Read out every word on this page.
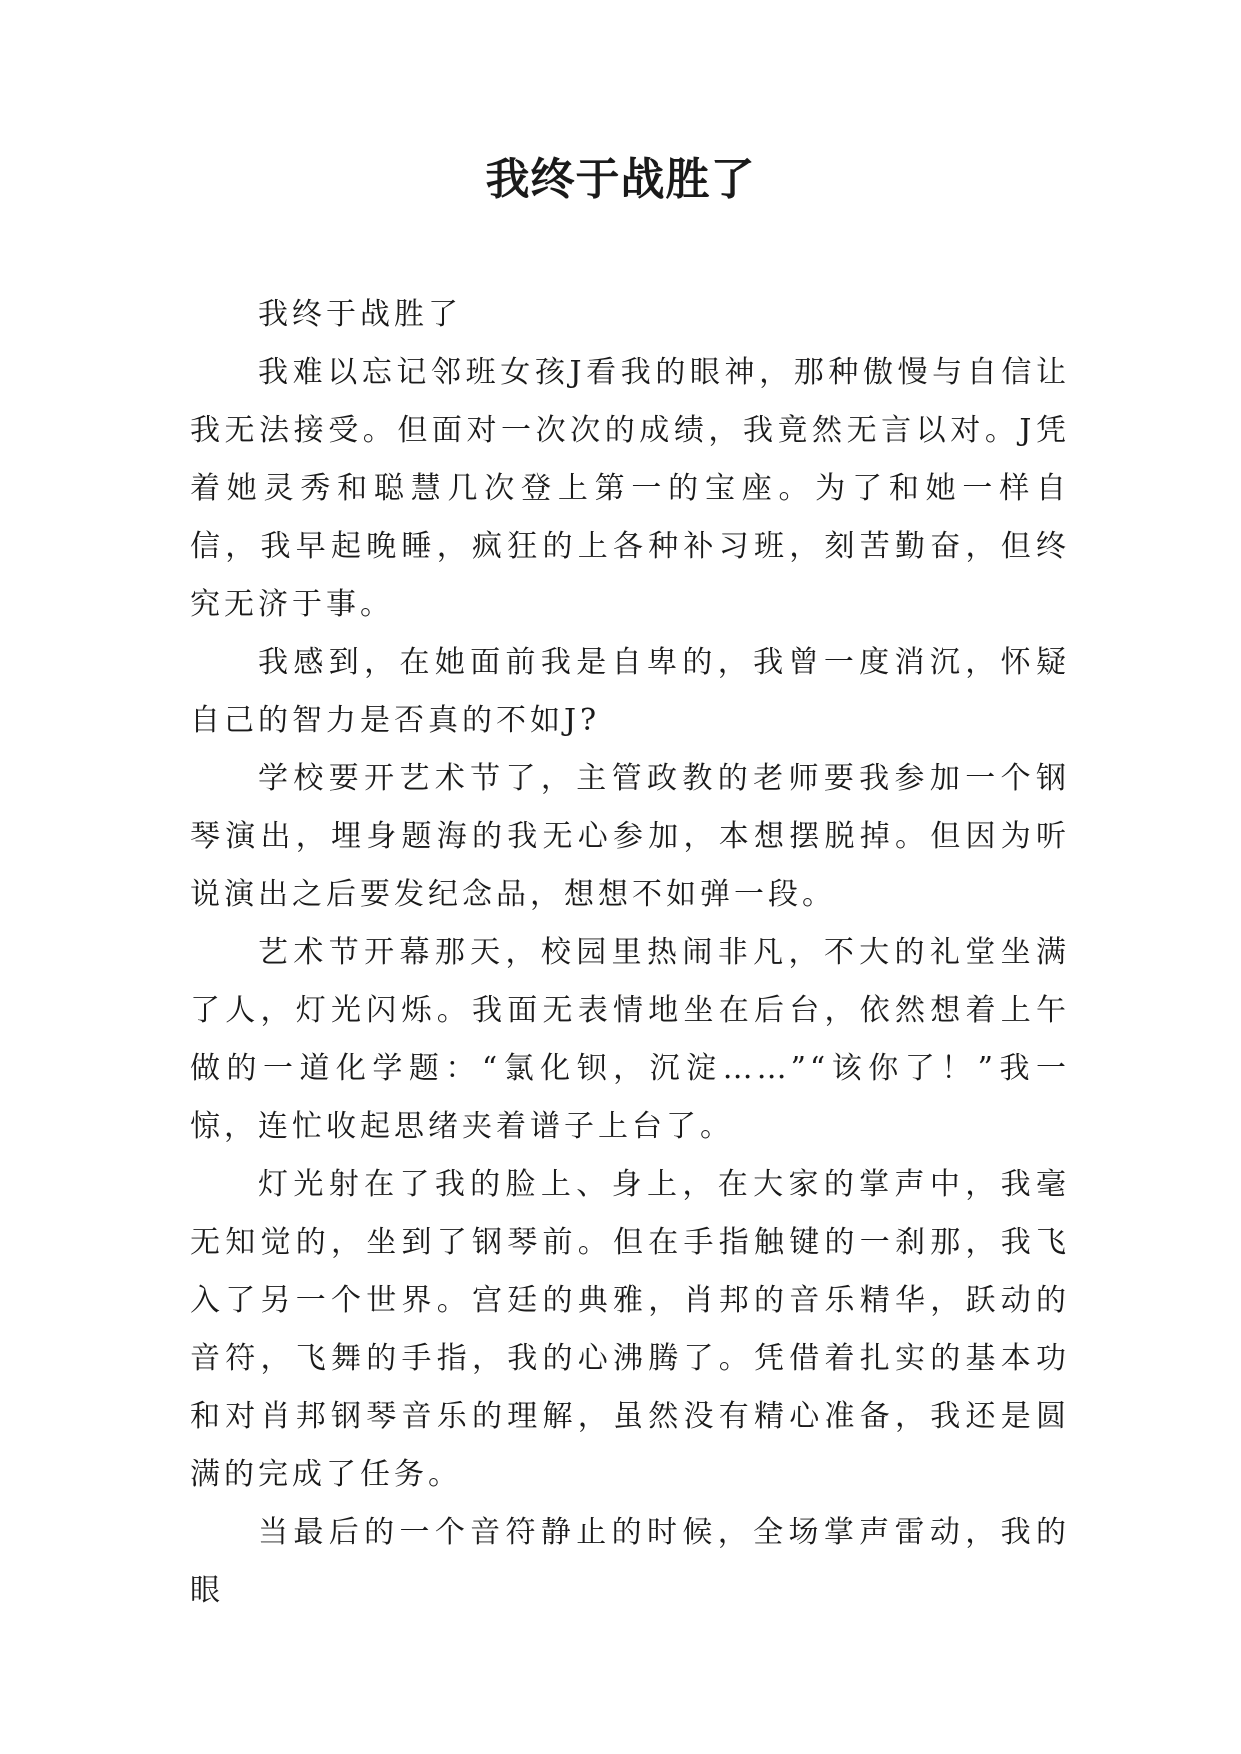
我终于战胜了

我终于战胜了

我难以忘记邻班女孩J看我的眼神，那种傲慢与自信让我无法接受。但面对一次次的成绩，我竟然无言以对。J凭着她灵秀和聪慧几次登上第一的宝座。为了和她一样自信，我早起晚睡，疯狂的上各种补习班，刻苦勤奋，但终究无济于事。

我感到，在她面前我是自卑的，我曾一度消沉，怀疑自己的智力是否真的不如J?

学校要开艺术节了，主管政教的老师要我参加一个钢琴演出，埋身题海的我无心参加，本想摆脱掉。但因为听说演出之后要发纪念品，想想不如弹一段。

艺术节开幕那天，校园里热闹非凡，不大的礼堂坐满了人，灯光闪烁。我面无表情地坐在后台，依然想着上午做的一道化学题：“氯化钡，沉淀……”“该你了！”我一惊，连忙收起思绪夹着谱子上台了。

灯光射在了我的脸上、身上，在大家的掌声中，我毫无知觉的，坐到了钢琴前。但在手指触键的一刹那，我飞入了另一个世界。宫廷的典雅，肖邦的音乐精华，跃动的音符，飞舞的手指，我的心沸腾了。凭借着扎实的基本功和对肖邦钢琴音乐的理解，虽然没有精心准备，我还是圆满的完成了任务。

当最后的一个音符静止的时候，全场掌声雷动，我的眼
